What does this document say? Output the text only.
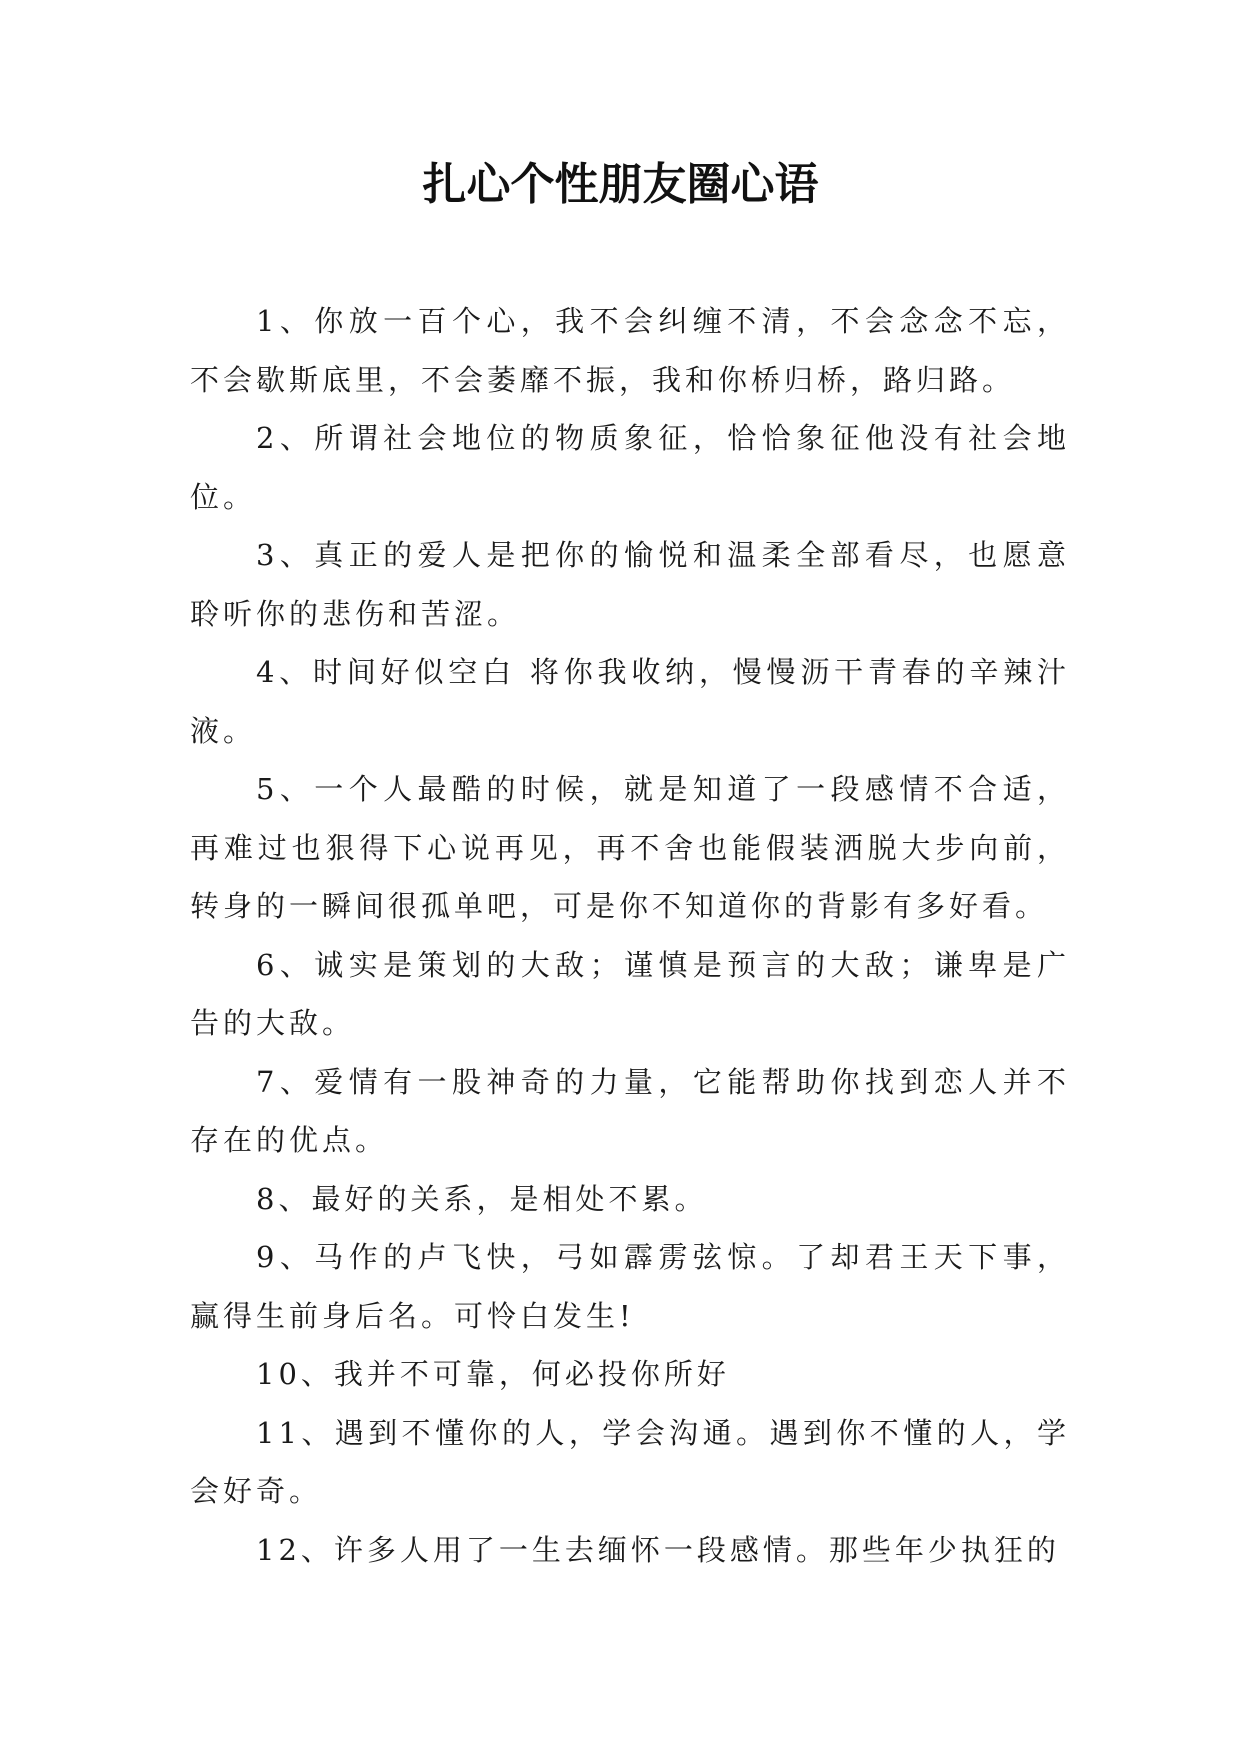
扎心个性朋友圈心语

1、你放一百个心，我不会纠缠不清，不会念念不忘，不会歇斯底里，不会萎靡不振，我和你桥归桥，路归路。

2、所谓社会地位的物质象征，恰恰象征他没有社会地位。

3、真正的爱人是把你的愉悦和温柔全部看尽，也愿意聆听你的悲伤和苦涩。

4、时间好似空白 将你我收纳，慢慢沥干青春的辛辣汁液。

5、一个人最酷的时候，就是知道了一段感情不合适，再难过也狠得下心说再见，再不舍也能假装洒脱大步向前，转身的一瞬间很孤单吧，可是你不知道你的背影有多好看。

6、诚实是策划的大敌；谨慎是预言的大敌；谦卑是广告的大敌。

7、爱情有一股神奇的力量，它能帮助你找到恋人并不存在的优点。

8、最好的关系，是相处不累。

9、马作的卢飞快，弓如霹雳弦惊。了却君王天下事，赢得生前身后名。可怜白发生!

10、我并不可靠，何必投你所好

11、遇到不懂你的人，学会沟通。遇到你不懂的人，学会好奇。

12、许多人用了一生去缅怀一段感情。那些年少执狂的
